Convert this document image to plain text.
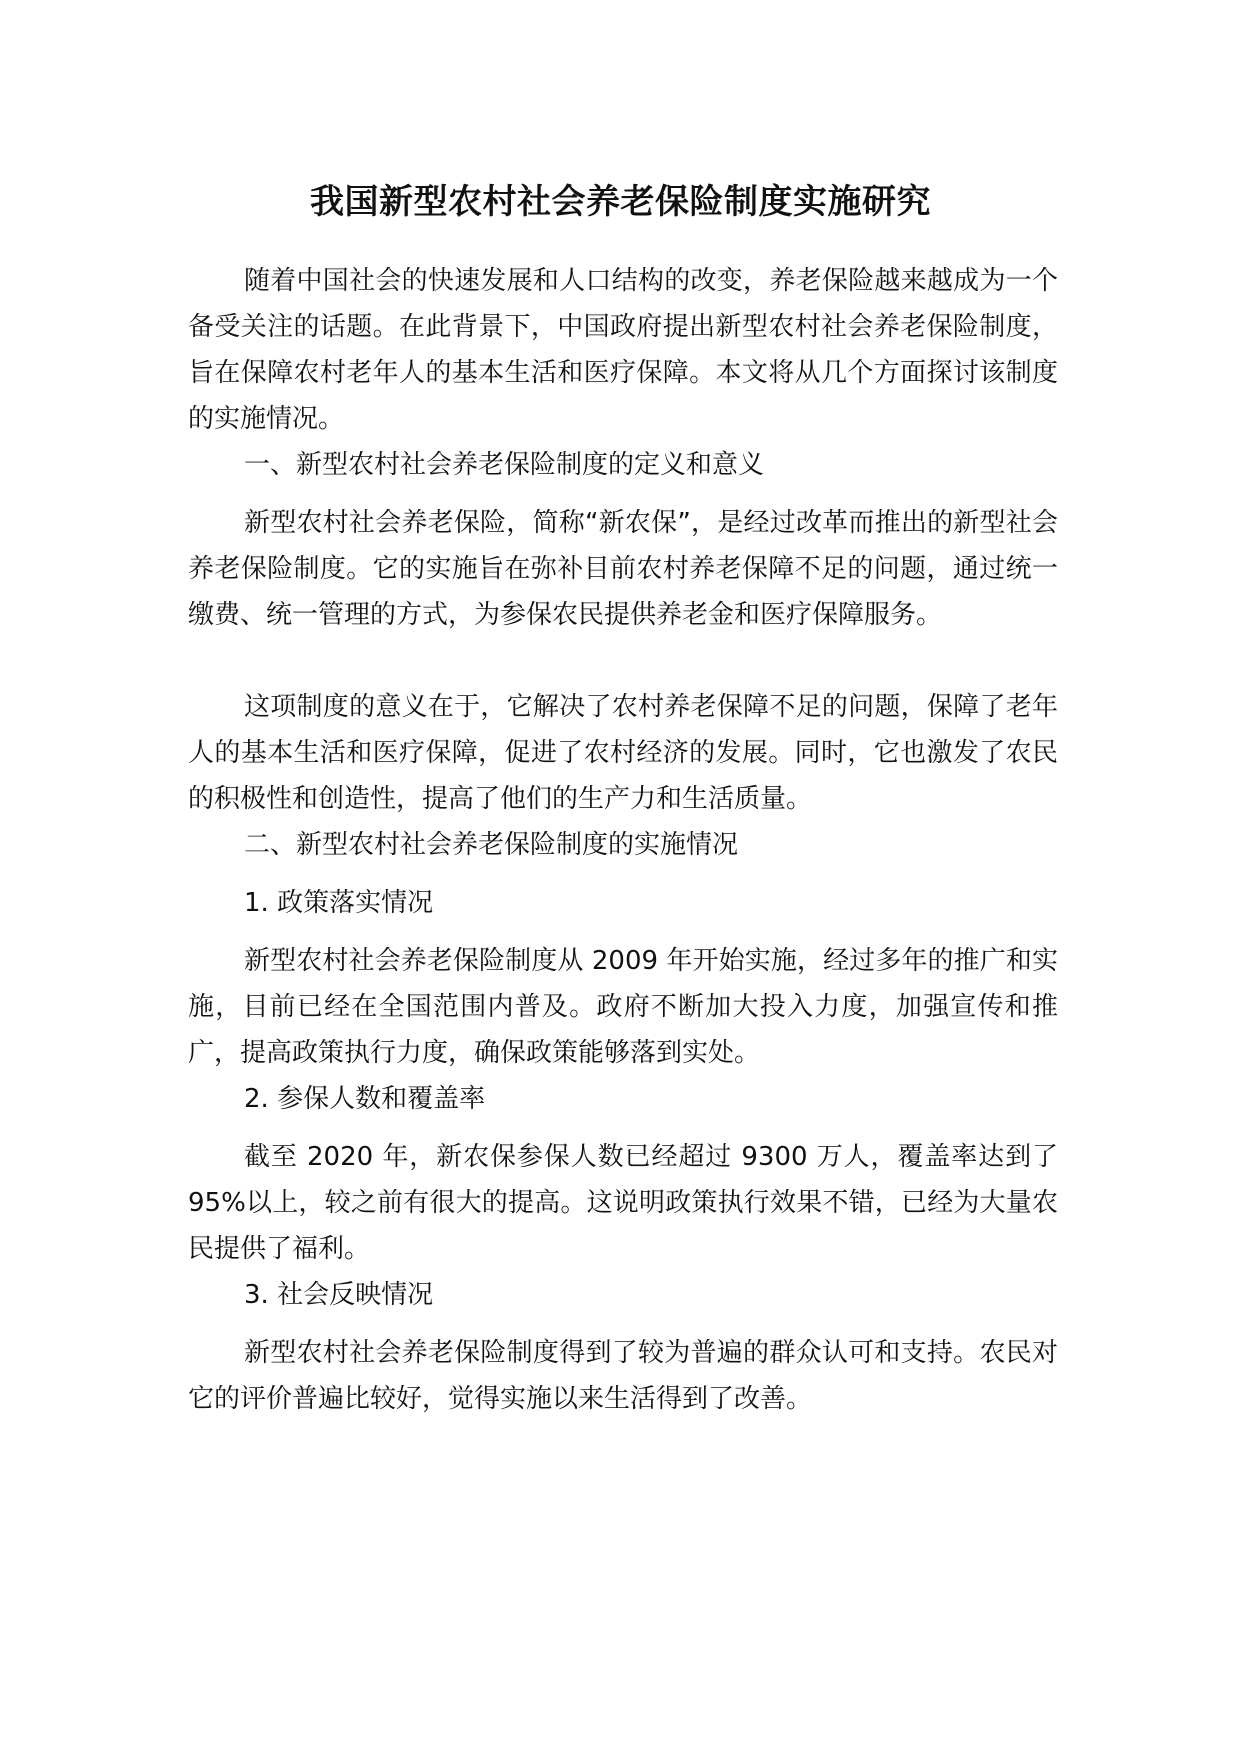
我国新型农村社会养老保险制度实施研究

随着中国社会的快速发展和人口结构的改变，养老保险越来越成为一个备受关注的话题。在此背景下，中国政府提出新型农村社会养老保险制度，旨在保障农村老年人的基本生活和医疗保障。本文将从几个方面探讨该制度的实施情况。

一、新型农村社会养老保险制度的定义和意义

新型农村社会养老保险，简称“新农保”，是经过改革而推出的新型社会养老保险制度。它的实施旨在弥补目前农村养老保障不足的问题，通过统一缴费、统一管理的方式，为参保农民提供养老金和医疗保障服务。

这项制度的意义在于，它解决了农村养老保障不足的问题，保障了老年人的基本生活和医疗保障，促进了农村经济的发展。同时，它也激发了农民的积极性和创造性，提高了他们的生产力和生活质量。

二、新型农村社会养老保险制度的实施情况

1. 政策落实情况

新型农村社会养老保险制度从 2009 年开始实施，经过多年的推广和实施，目前已经在全国范围内普及。政府不断加大投入力度，加强宣传和推广，提高政策执行力度，确保政策能够落到实处。

2. 参保人数和覆盖率

截至 2020 年，新农保参保人数已经超过 9300 万人，覆盖率达到了 95%以上，较之前有很大的提高。这说明政策执行效果不错，已经为大量农民提供了福利。

3. 社会反映情况

新型农村社会养老保险制度得到了较为普遍的群众认可和支持。农民对它的评价普遍比较好，觉得实施以来生活得到了改善。
